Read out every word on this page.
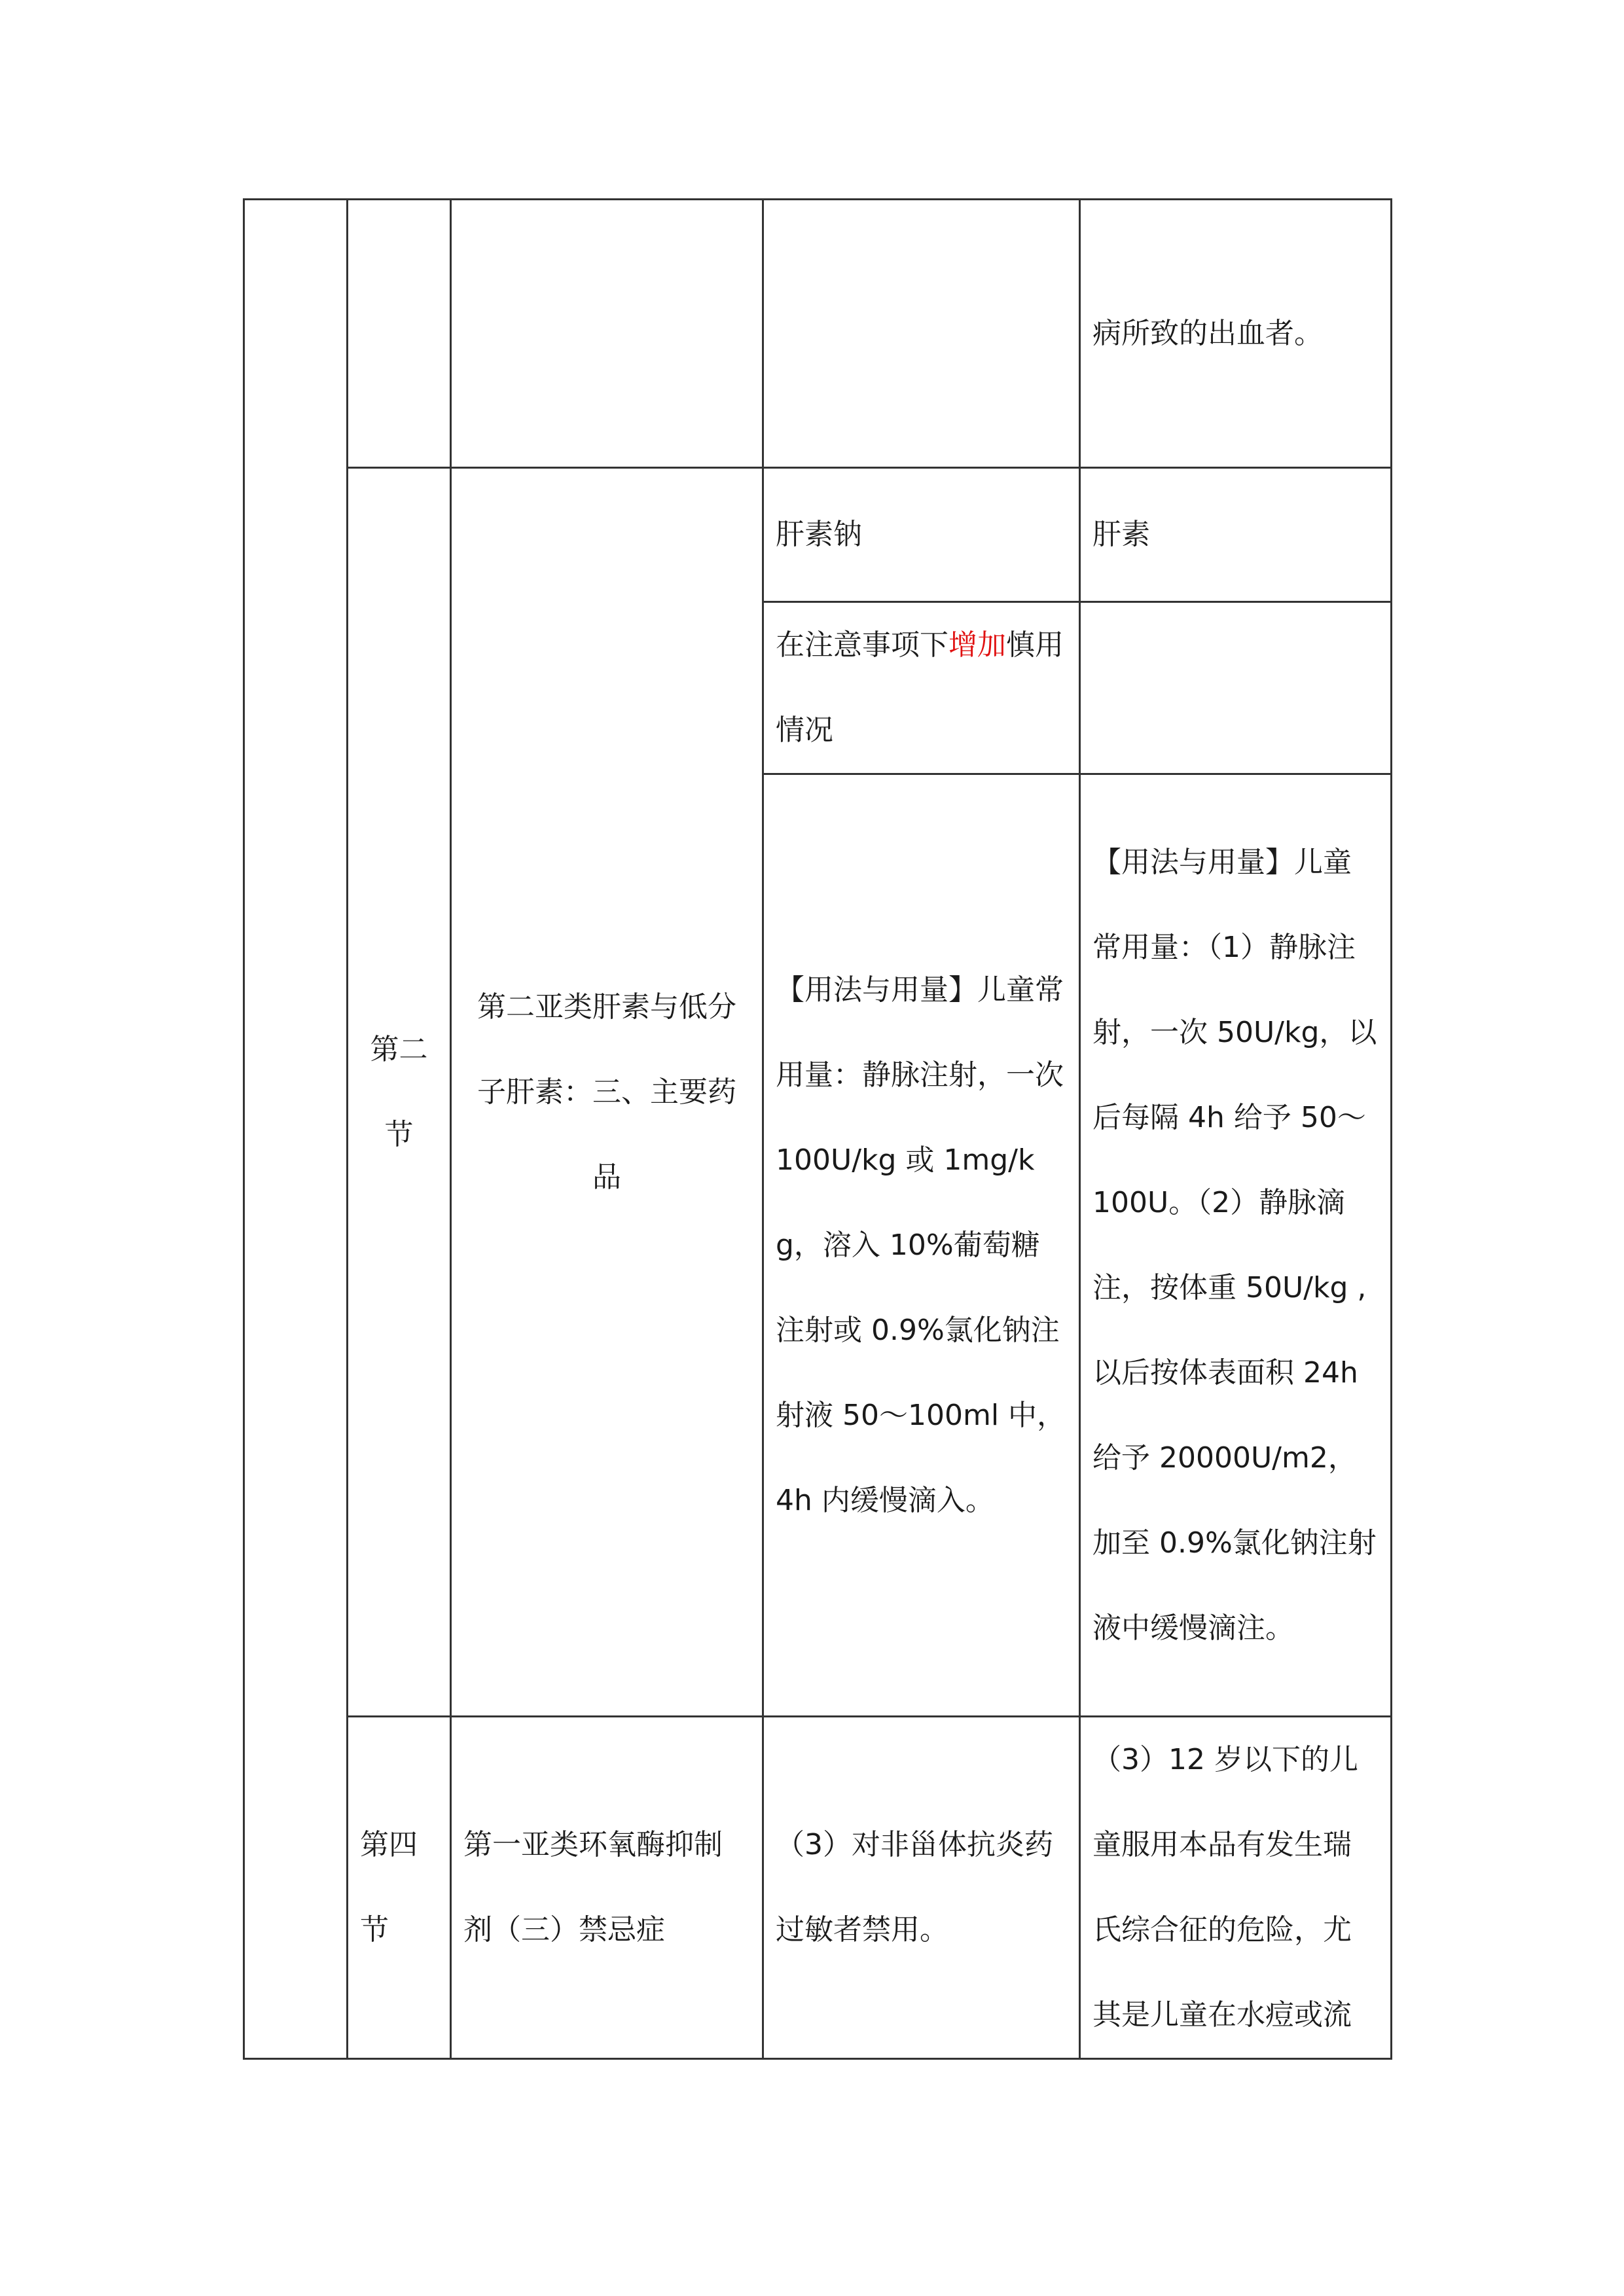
				病所致的出血者。
	第二节	第二亚类肝素与低分子肝素：三、主要药品	肝素钠	肝素
			在注意事项下增加慎用情况	
			【用法与用量】儿童常用量：静脉注射，一次 100U/kg 或 1mg/kg，溶入 10%葡萄糖注射或 0.9%氯化钠注射液 50～100ml 中，4h 内缓慢滴入。	【用法与用量】儿童常用量：（1）静脉注射，一次 50U/kg，以后每隔 4h 给予 50～100U。（2）静脉滴注，按体重 50U/kg ,以后按体表面积 24h 给予 20000U/m2，加至 0.9%氯化钠注射液中缓慢滴注。
	第四节	第一亚类环氧酶抑制剂（三）禁忌症	（3）对非甾体抗炎药过敏者禁用。	（3）12 岁以下的儿童服用本品有发生瑞氏综合征的危险，尤其是儿童在水痘或流
